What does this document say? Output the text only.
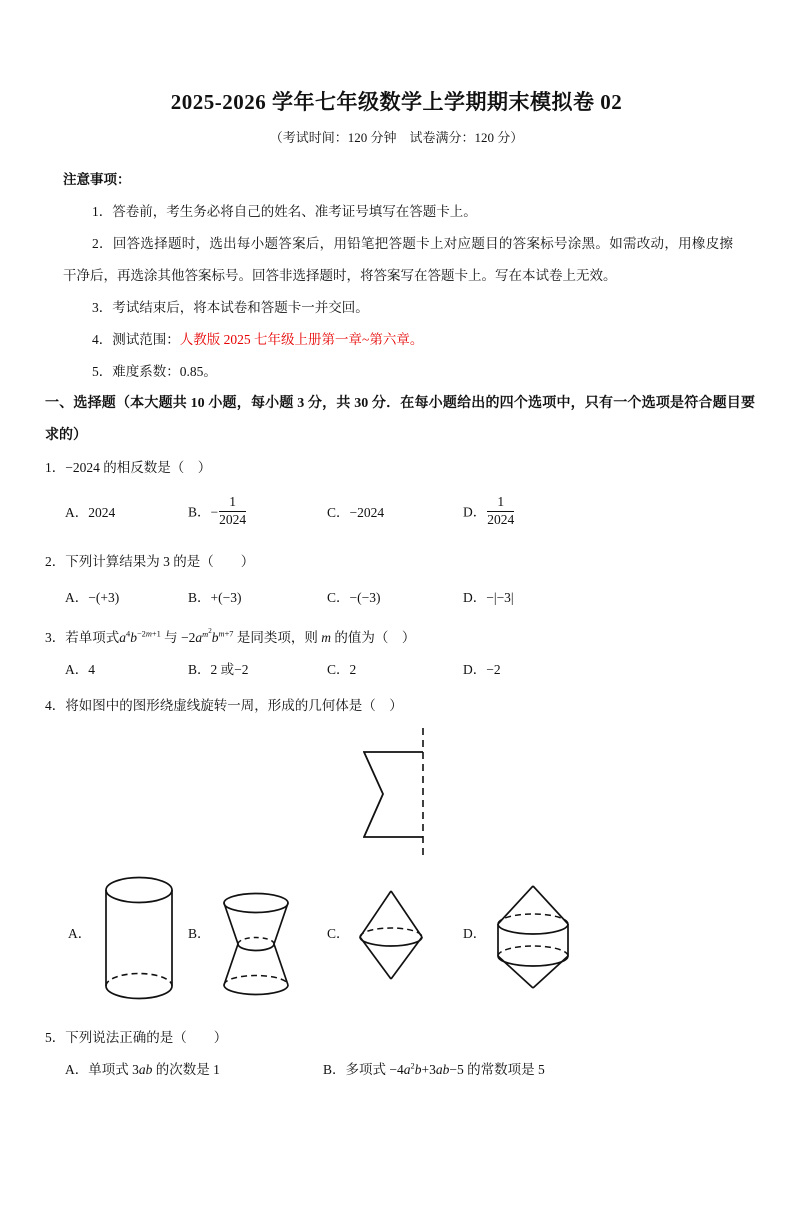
2025-2026 学年七年级数学上学期期末模拟卷 02
（考试时间：120 分钟　试卷满分：120 分）
注意事项：
1．答卷前，考生务必将自己的姓名、准考证号填写在答题卡上。
2．回答选择题时，选出每小题答案后，用铅笔把答题卡上对应题目的答案标号涂黑。如需改动，用橡皮擦干净后，再选涂其他答案标号。回答非选择题时，将答案写在答题卡上。写在本试卷上无效。
3．考试结束后，将本试卷和答题卡一并交回。
4．测试范围：人教版 2025 七年级上册第一章~第六章。
5．难度系数：0.85。
一、选择题（本大题共 10 小题，每小题 3 分，共 30 分．在每小题给出的四个选项中，只有一个选项是符合题目要求的）
1．−2024 的相反数是（　）
A．2024	B．− $\frac{1}{2024}$	C．−2024	D． $\frac{1}{2024}$
2．下列计算结果为 3 的是（　　）
A．−(+3)	B．+(−3)	C．−(−3)	D．−|−3|
3．若单项式$a^4b^{-2m+1}$ 与 $-2a^{m^2}b^{m+7}$ 是同类项，则 m 的值为（　）
A．4	B．2 或−2	C．2	D．−2
4．将如图中的图形绕虚线旋转一周，形成的几何体是（　）
A．	B．	C．	D．
5．下列说法正确的是（　　）
A．单项式 3ab 的次数是 1	B．多项式 $-4a^2b+3ab-5$ 的常数项是 5
